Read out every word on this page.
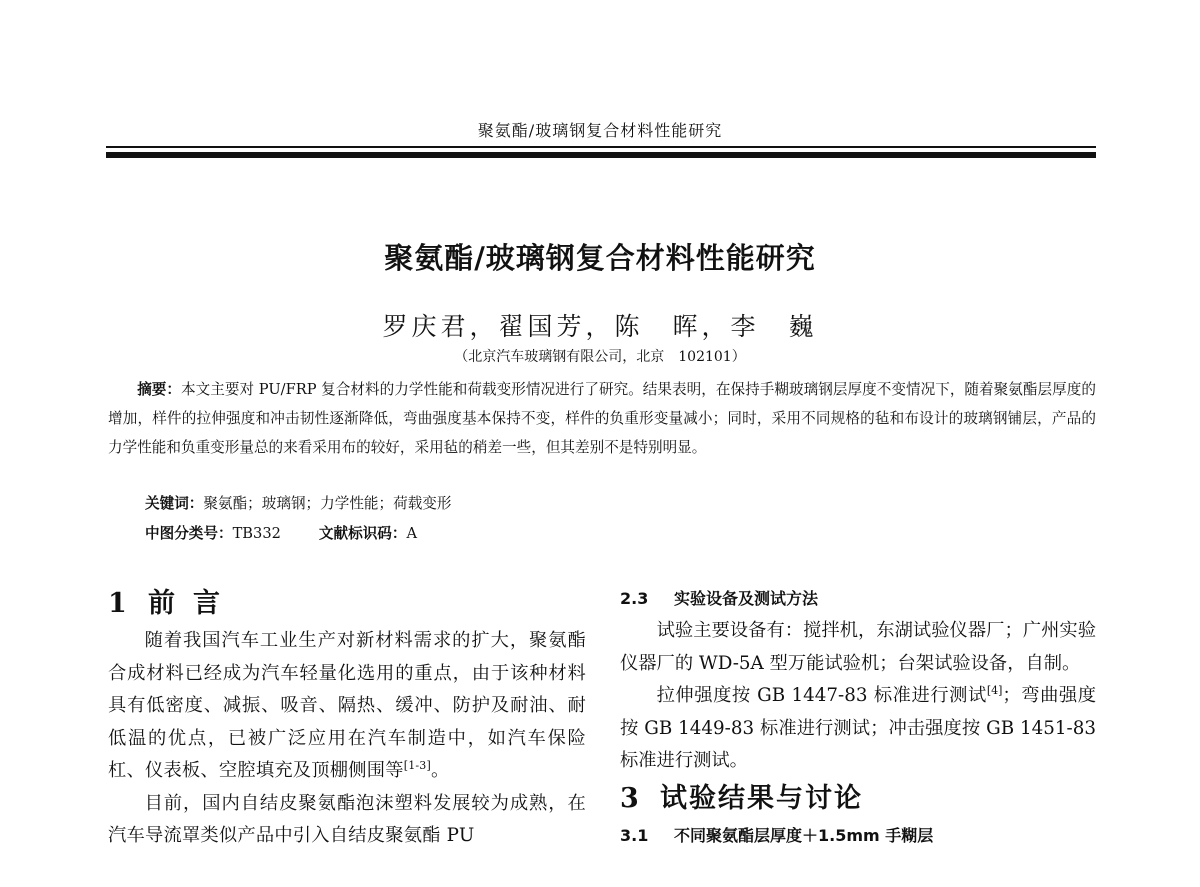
聚氨酯/玻璃钢复合材料性能研究
聚氨酯/玻璃钢复合材料性能研究
罗庆君，翟国芳，陈　晖，李　巍
（北京汽车玻璃钢有限公司，北京　102101）
摘要：本文主要对 PU/FRP 复合材料的力学性能和荷载变形情况进行了研究。结果表明，在保持手糊玻璃钢层厚度不变情况下，随着聚氨酯层厚度的增加，样件的拉伸强度和冲击韧性逐渐降低，弯曲强度基本保持不变，样件的负重形变量减小；同时，采用不同规格的毡和布设计的玻璃钢铺层，产品的力学性能和负重变形量总的来看采用布的较好，采用毡的稍差一些，但其差别不是特别明显。
关键词：聚氨酯；玻璃钢；力学性能；荷载变形
中图分类号：TB332	文献标识码：A
1 前言

随着我国汽车工业生产对新材料需求的扩大，聚氨酯合成材料已经成为汽车轻量化选用的重点，由于该种材料具有低密度、减振、吸音、隔热、缓冲、防护及耐油、耐低温的优点，已被广泛应用在汽车制造中，如汽车保险杠、仪表板、空腔填充及顶棚侧围等[1-3]。

目前，国内自结皮聚氨酯泡沫塑料发展较为成熟，在汽车导流罩类似产品中引入自结皮聚氨酯 PU

2.3 实验设备及测试方法

试验主要设备有：搅拌机，东湖试验仪器厂；广州实验仪器厂的 WD-5A 型万能试验机；台架试验设备，自制。

拉伸强度按 GB 1447-83 标准进行测试[4]；弯曲强度按 GB 1449-83 标准进行测试；冲击强度按 GB 1451-83 标准进行测试。

3 试验结果与讨论
3.1 不同聚氨酯层厚度＋1.5mm 手糊层
